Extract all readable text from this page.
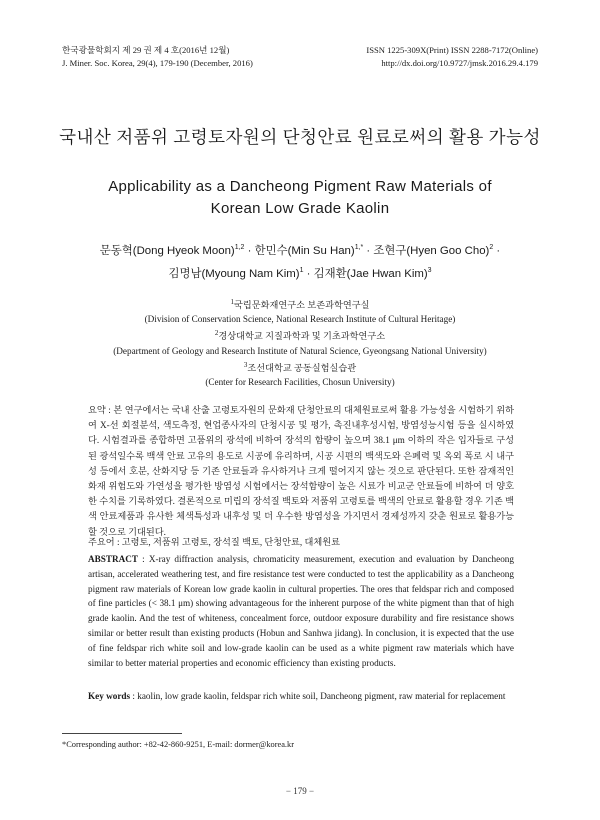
한국광물학회지 제 29 권 제 4 호(2016년 12월)
J. Miner. Soc. Korea, 29(4), 179-190 (December, 2016)
ISSN 1225-309X(Print) ISSN 2288-7172(Online)
http://dx.doi.org/10.9727/jmsk.2016.29.4.179
국내산 저품위 고령토자원의 단청안료 원료로써의 활용 가능성
Applicability as a Dancheong Pigment Raw Materials of
Korean Low Grade Kaolin
문동혁(Dong Hyeok Moon)$^{1,2}$ · 한민수(Min Su Han)$^{1,*}$ · 조현구(Hyen Goo Cho)$^2$ ·
김명남(Myoung Nam Kim)$^1$ · 김재환(Jae Hwan Kim)$^3$
$^1$국립문화재연구소 보존과학연구실
(Division of Conservation Science, National Research Institute of Cultural Heritage)
$^2$경상대학교 지질과학과 및 기초과학연구소
(Department of Geology and Research Institute of Natural Science, Gyeongsang National University)
$^3$조선대학교 공동실험실습관
(Center for Research Facilities, Chosun University)
요약 : 본 연구에서는 국내 산출 고령토자원의 문화재 단청안료의 대체원료로써 활용 가능성을 시험하기 위하여 X-선 회절분석, 색도측정, 현업종사자의 단청시공 및 평가, 촉진내후성시험, 방염성능시험 등을 실시하였다. 시험결과를 종합하면 고품위의 광석에 비하여 장석의 함량이 높으며 38.1 μm 이하의 작은 입자들로 구성된 광석일수록 백색 안료 고유의 용도로 시공에 유리하며, 시공 시편의 백색도와 은폐력 및 옥외 폭로 시 내구성 등에서 호분, 산화지당 등 기존 안료들과 유사하거나 크게 떨어지지 않는 것으로 판단된다. 또한 잠재적인 화재 위험도와 가연성을 평가한 방염성 시험에서는 장석함량이 높은 시료가 비교군 안료들에 비하여 더 양호한 수치를 기록하였다. 결론적으로 미립의 장석질 백토와 저품위 고령토를 백색의 안료로 활용할 경우 기존 백색 안료제품과 유사한 체색특성과 내후성 및 더 우수한 방염성을 가지면서 경제성까지 갖춘 원료로 활용가능 할 것으로 기대된다.
주요어 : 고령토, 저품위 고령토, 장석질 백토, 단청안료, 대체원료
ABSTRACT : X-ray diffraction analysis, chromaticity measurement, execution and evaluation by Dancheong artisan, accelerated weathering test, and fire resistance test were conducted to test the applicability as a Dancheong pigment raw materials of Korean low grade kaolin in cultural properties. The ores that feldspar rich and composed of fine particles (< 38.1 μm) showing advantageous for the inherent purpose of the white pigment than that of high grade kaolin. And the test of whiteness, concealment force, outdoor exposure durability and fire resistance shows similar or better result than existing products (Hobun and Sanhwa jidang). In conclusion, it is expected that the use of fine feldspar rich white soil and low-grade kaolin can be used as a white pigment raw materials which have similar to better material properties and economic efficiency than existing products.
Key words : kaolin, low grade kaolin, feldspar rich white soil, Dancheong pigment, raw material for replacement
*Corresponding author: +82-42-860-9251, E-mail: dormer@korea.kr
− 179 −
